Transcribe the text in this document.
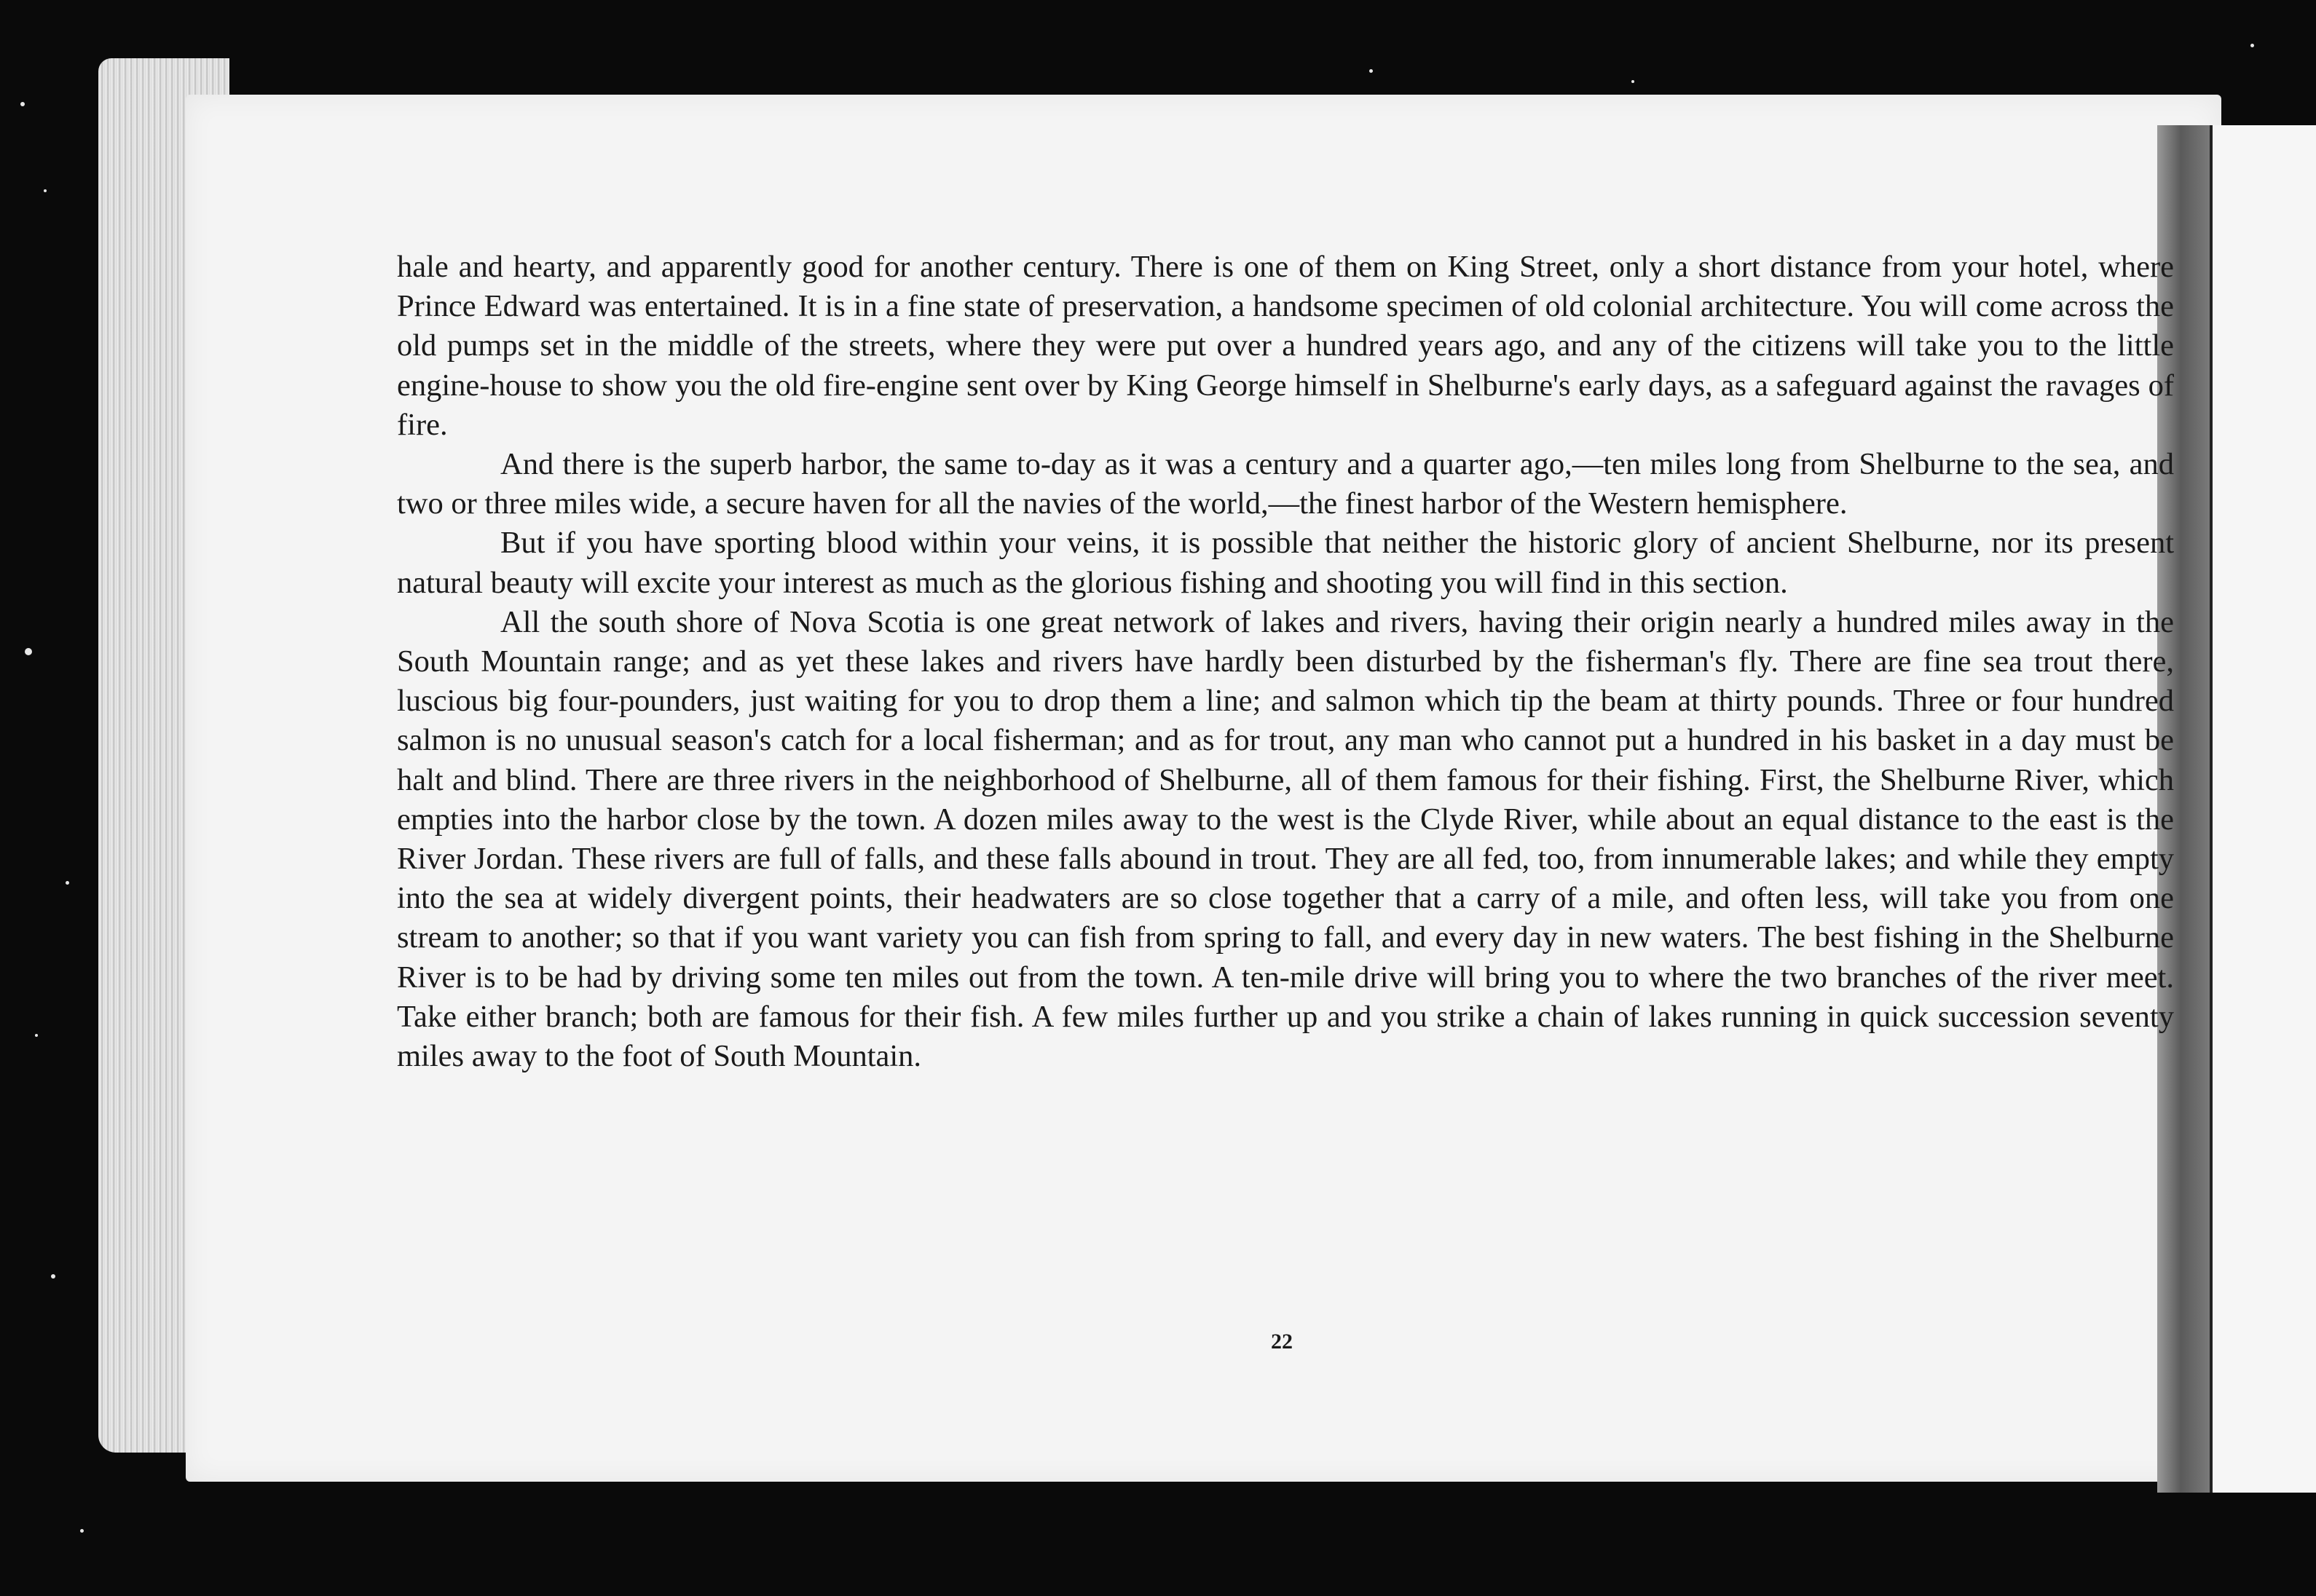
hale and hearty, and apparently good for another century. There is one of them on King Street, only a short distance from your hotel, where Prince Edward was entertained. It is in a fine state of preservation, a handsome specimen of old colonial architecture. You will come across the old pumps set in the middle of the streets, where they were put over a hundred years ago, and any of the citizens will take you to the little engine-house to show you the old fire-engine sent over by King George himself in Shelburne's early days, as a safeguard against the ravages of fire.

And there is the superb harbor, the same to-day as it was a century and a quarter ago,—ten miles long from Shelburne to the sea, and two or three miles wide, a secure haven for all the navies of the world,—the finest harbor of the Western hemisphere.

But if you have sporting blood within your veins, it is possible that neither the historic glory of ancient Shelburne, nor its present natural beauty will excite your interest as much as the glorious fishing and shooting you will find in this section.

All the south shore of Nova Scotia is one great network of lakes and rivers, having their origin nearly a hundred miles away in the South Mountain range; and as yet these lakes and rivers have hardly been disturbed by the fisherman's fly. There are fine sea trout there, luscious big four-pounders, just waiting for you to drop them a line; and salmon which tip the beam at thirty pounds. Three or four hundred salmon is no unusual season's catch for a local fisherman; and as for trout, any man who cannot put a hundred in his basket in a day must be halt and blind. There are three rivers in the neighborhood of Shelburne, all of them famous for their fishing. First, the Shelburne River, which empties into the harbor close by the town. A dozen miles away to the west is the Clyde River, while about an equal distance to the east is the River Jordan. These rivers are full of falls, and these falls abound in trout. They are all fed, too, from innumerable lakes; and while they empty into the sea at widely divergent points, their headwaters are so close together that a carry of a mile, and often less, will take you from one stream to another; so that if you want variety you can fish from spring to fall, and every day in new waters. The best fishing in the Shelburne River is to be had by driving some ten miles out from the town. A ten-mile drive will bring you to where the two branches of the river meet. Take either branch; both are famous for their fish. A few miles further up and you strike a chain of lakes running in quick succession seventy miles away to the foot of South Mountain.

22
